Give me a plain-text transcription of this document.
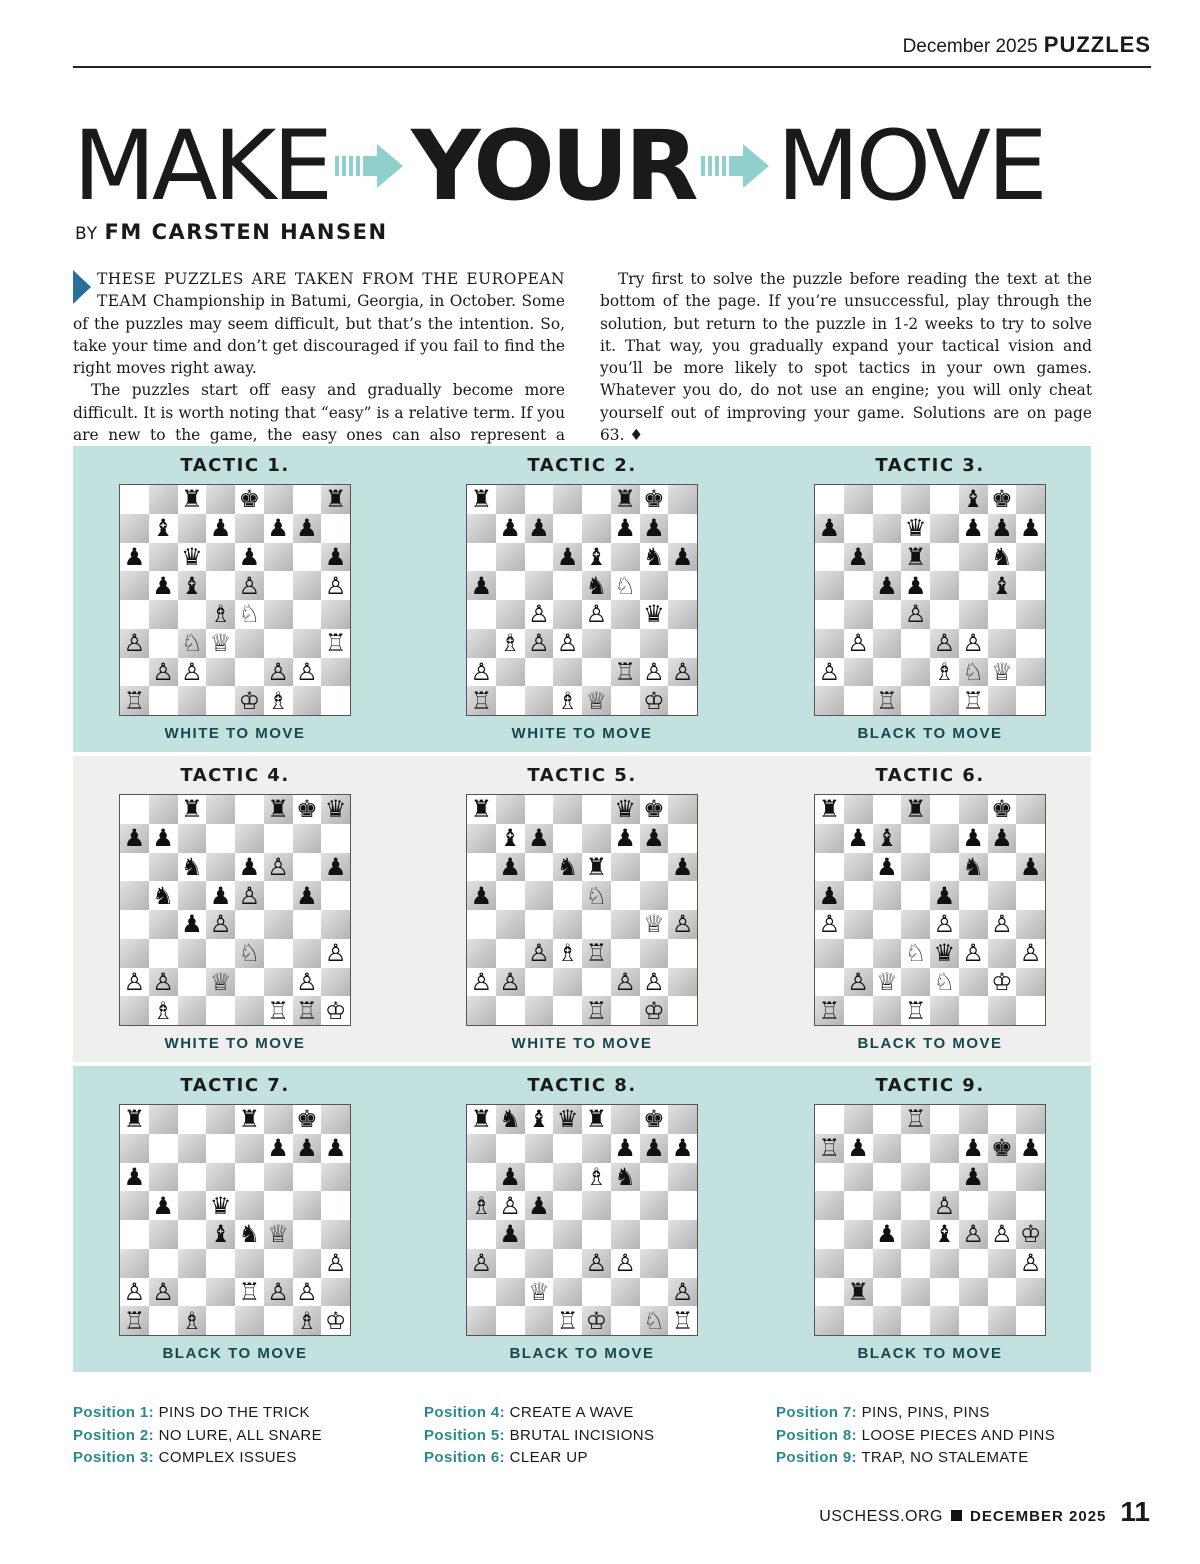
December 2025 PUZZLES
MAKE YOUR MOVE
BY FM CARSTEN HANSEN

THESE PUZZLES ARE TAKEN FROM THE EUROPEAN TEAM Championship in Batumi, Georgia, in October. Some of the puzzles may seem difficult, but that’s the intention. So, take your time and don’t get discouraged if you fail to find the right moves right away.

The puzzles start off easy and gradually become more difficult. It is worth noting that “easy” is a relative term. If you are new to the game, the easy ones can also represent a

Try first to solve the puzzle before reading the text at the bottom of the page. If you’re unsuccessful, play through the solution, but return to the puzzle in 1-2 weeks to try to solve it. That way, you gradually expand your tactical vision and you’ll be more likely to spot tactics in your own games. Whatever you do, do not use an engine; you will only cheat yourself out of improving your game. Solutions are on page 63. ♦

TACTIC 1.
♜ ♚	♜
♝ ♟ ♟ ♟
♟ ♛ ♟	♟
♟ ♝ ♙	♙
♗ ♘
♙ ♘ ♕	♖
♙ ♙	♙ ♙
♖	♔ ♗
WHITE TO MOVE
TACTIC 2.
♜	♜ ♚
♟ ♟	♟ ♟
♟ ♝ ♞ ♟
♟	♞ ♘
♙ ♙ ♛
♗ ♙ ♙
♙	♖ ♙ ♙
♖	♗ ♕ ♔
WHITE TO MOVE
TACTIC 3.
♝ ♚
♟	♛ ♟ ♟ ♟
♟ ♜	♞
♟ ♟	♝
♙
♙	♙ ♙
♙	♗ ♘ ♕
♖	♖
BLACK TO MOVE
TACTIC 4.
♜	♜ ♚ ♛
♟ ♟
♞ ♟ ♙ ♟
♞ ♟ ♙ ♟
♟ ♙
♘	♙
♙ ♙ ♕	♙
♗	♖ ♖ ♔
WHITE TO MOVE
TACTIC 5.
♜	♛ ♚
♝ ♟	♟ ♟
♟ ♞ ♜	♟
♟	♘
♕ ♙
♙ ♗ ♖
♙ ♙	♙ ♙
♖ ♔
WHITE TO MOVE
TACTIC 6.
♜	♜	♚
♟ ♝	♟ ♟
♟	♞ ♟
♟	♟
♙	♙ ♙
♘ ♛ ♙ ♙
♙ ♕ ♘ ♔
♖	♖
BLACK TO MOVE
TACTIC 7.
♜	♜ ♚
♟ ♟ ♟
♟
♟ ♛
♝ ♞ ♕
♙
♙ ♙	♖ ♙ ♙
♖ ♗	♗ ♔
BLACK TO MOVE
TACTIC 8.
♜ ♞ ♝ ♛ ♜ ♚
♟ ♟ ♟
♟	♗ ♞
♗ ♙ ♟
♟
♙	♙ ♙
♕	♙
♖ ♔ ♘ ♖
BLACK TO MOVE
TACTIC 9.
♖
♖ ♟	♟ ♚ ♟
♟
♙
♟ ♝ ♙ ♙ ♔
♙
♜
BLACK TO MOVE
Position 1: PINS DO THE TRICK
Position 2: NO LURE, ALL SNARE
Position 3: COMPLEX ISSUES
Position 4: CREATE A WAVE
Position 5: BRUTAL INCISIONS
Position 6: CLEAR UP
Position 7: PINS, PINS, PINS
Position 8: LOOSE PIECES AND PINS
Position 9: TRAP, NO STALEMATE
USCHESS.ORG DECEMBER 2025 11
